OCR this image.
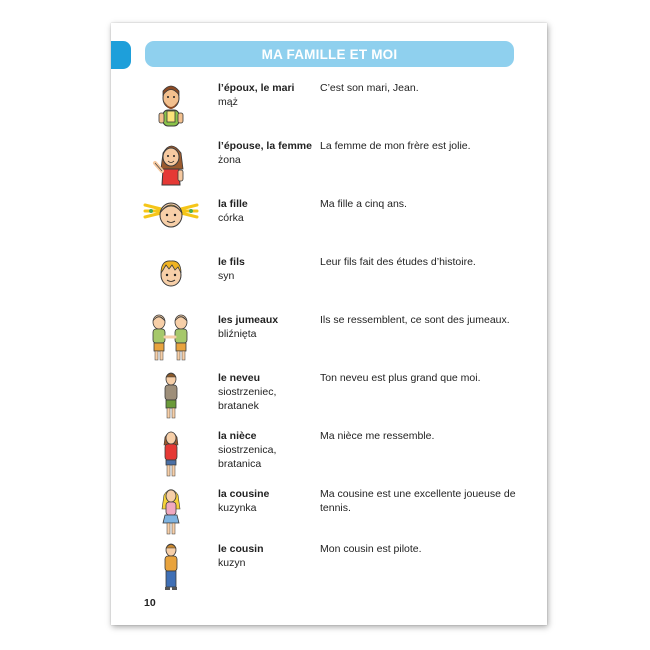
MA FAMILLE ET MOI
l’époux, le mari
mąż
C’est son mari, Jean.
l’épouse, la femme
żona
La femme de mon frère est jolie.
la fille
córka
Ma fille a cinq ans.
le fils
syn
Leur fils fait des études d’histoire.
les jumeaux
bliźnięta
Ils se ressemblent, ce sont des jumeaux.
le neveu
siostrzeniec,
bratanek
Ton neveu est plus grand que moi.
la nièce
siostrzenica,
bratanica
Ma nièce me ressemble.
la cousine
kuzynka
Ma cousine est une excellente joueuse de tennis.
le cousin
kuzyn
Mon cousin est pilote.
10
